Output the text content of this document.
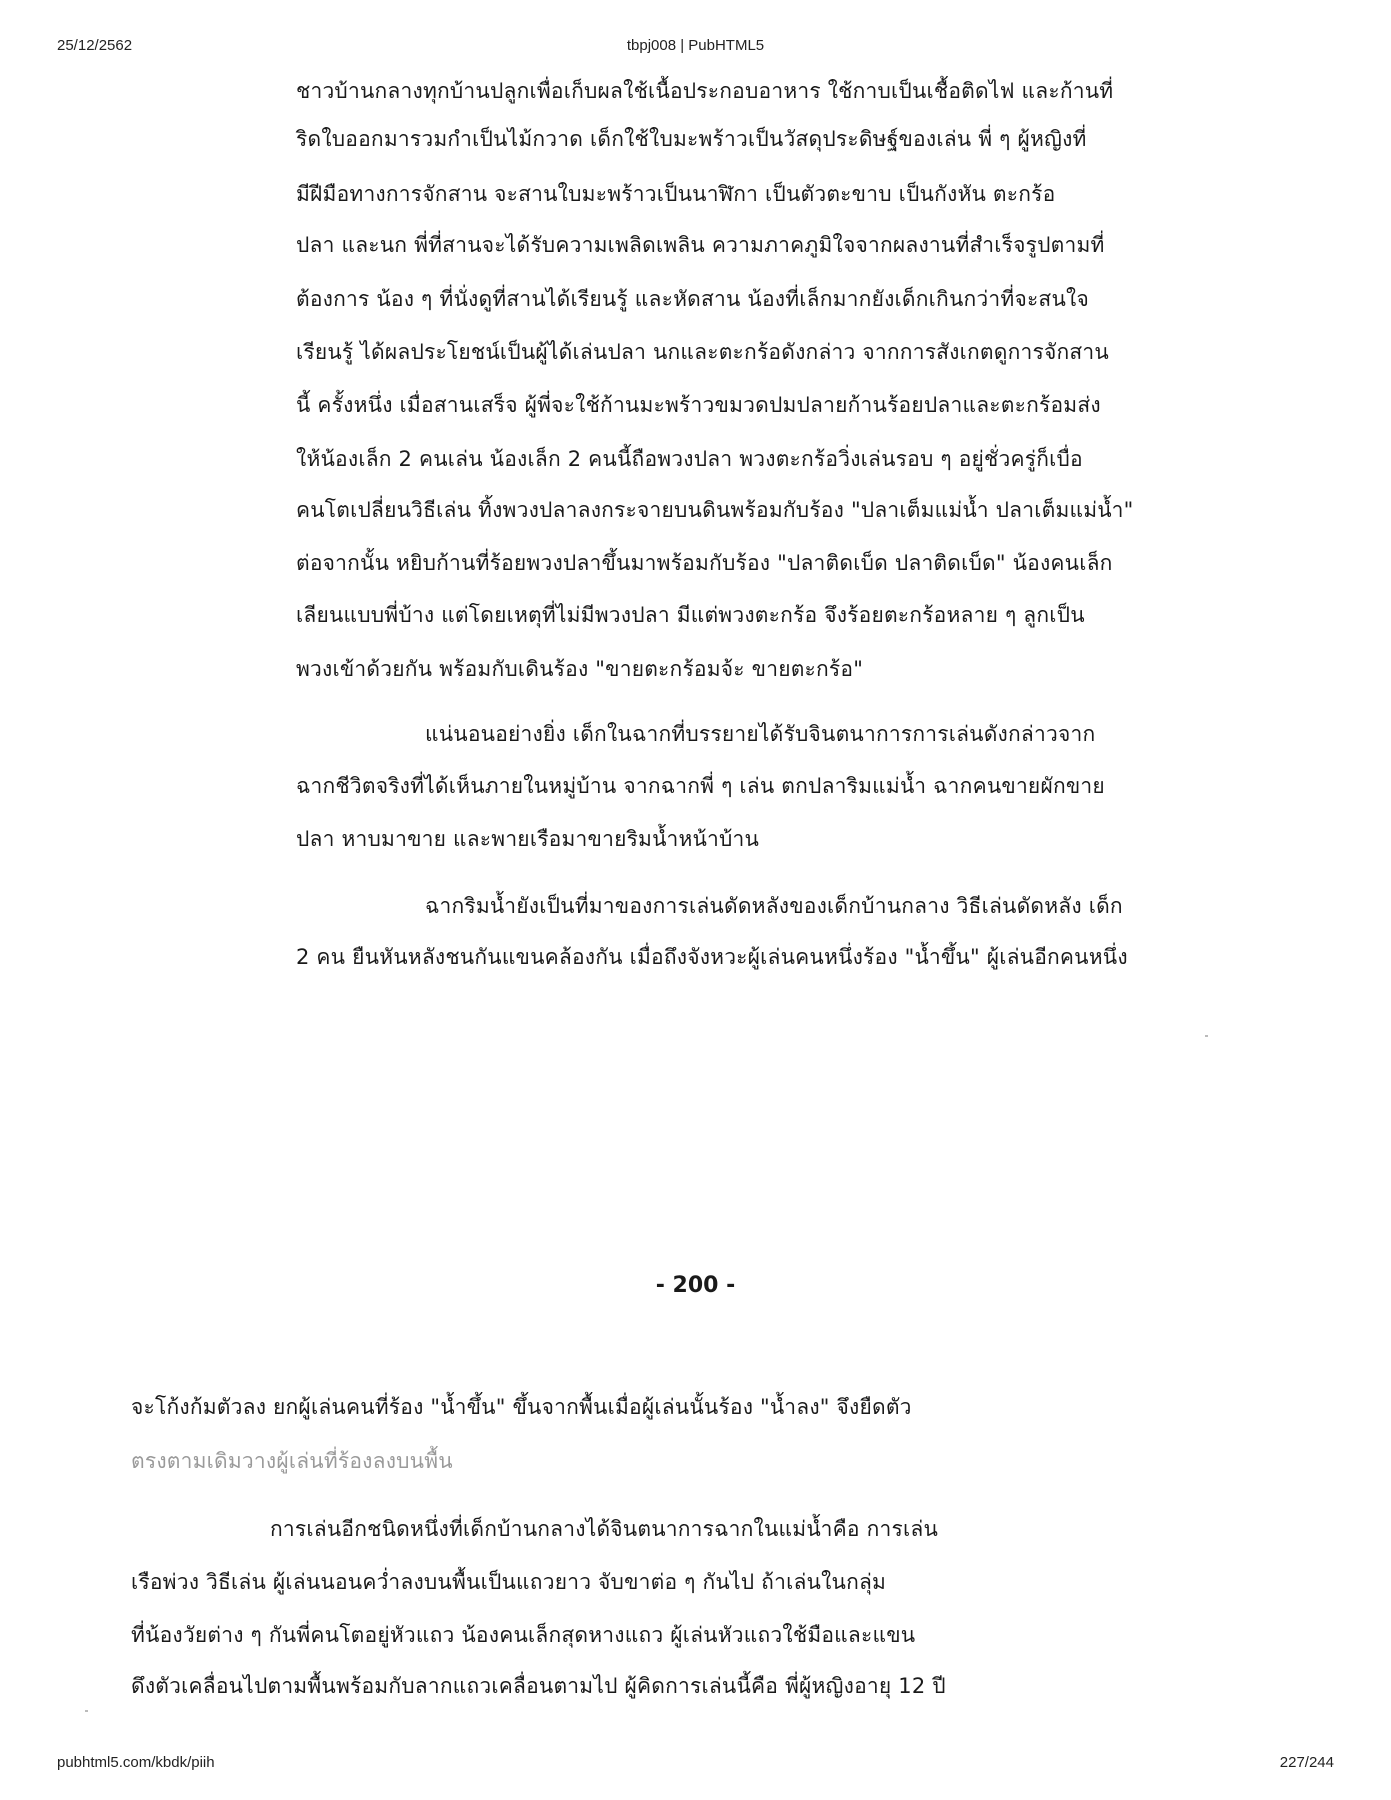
25/12/2562	tbpj008 | PubHTML5
ชาวบ้านกลางทุกบ้านปลูกเพื่อเก็บผลใช้เนื้อประกอบอาหาร ใช้กาบเป็นเชื้อติดไฟ และก้านที่
ริดใบออกมารวมกำเป็นไม้กวาด เด็กใช้ใบมะพร้าวเป็นวัสดุประดิษฐ์ของเล่น พี่ ๆ ผู้หญิงที่
มีฝีมือทางการจักสาน จะสานใบมะพร้าวเป็นนาฬิกา เป็นตัวตะขาบ เป็นกังหัน ตะกร้อ
ปลา และนก พี่ที่สานจะได้รับความเพลิดเพลิน ความภาคภูมิใจจากผลงานที่สำเร็จรูปตามที่
ต้องการ น้อง ๆ ที่นั่งดูที่สานได้เรียนรู้ และหัดสาน น้องที่เล็กมากยังเด็กเกินกว่าที่จะสนใจ
เรียนรู้ ได้ผลประโยชน์เป็นผู้ได้เล่นปลา นกและตะกร้อดังกล่าว จากการสังเกตดูการจักสาน
นี้ ครั้งหนึ่ง เมื่อสานเสร็จ ผู้พี่จะใช้ก้านมะพร้าวขมวดปมปลายก้านร้อยปลาและตะกร้อมส่ง
ให้น้องเล็ก 2 คนเล่น น้องเล็ก 2 คนนี้ถือพวงปลา พวงตะกร้อวิ่งเล่นรอบ ๆ อยู่ชั่วครู่ก็เบื่อ
คนโตเปลี่ยนวิธีเล่น ทิ้งพวงปลาลงกระจายบนดินพร้อมกับร้อง "ปลาเต็มแม่น้ำ ปลาเต็มแม่น้ำ"
ต่อจากนั้น หยิบก้านที่ร้อยพวงปลาขึ้นมาพร้อมกับร้อง "ปลาติดเบ็ด ปลาติดเบ็ด" น้องคนเล็ก
เลียนแบบพี่บ้าง แต่โดยเหตุที่ไม่มีพวงปลา มีแต่พวงตะกร้อ จึงร้อยตะกร้อหลาย ๆ ลูกเป็น
พวงเข้าด้วยกัน พร้อมกับเดินร้อง "ขายตะกร้อมจ้ะ ขายตะกร้อ"
แน่นอนอย่างยิ่ง เด็กในฉากที่บรรยายได้รับจินตนาการการเล่นดังกล่าวจาก
ฉากชีวิตจริงที่ได้เห็นภายในหมู่บ้าน จากฉากพี่ ๆ เล่น ตกปลาริมแม่น้ำ ฉากคนขายผักขาย
ปลา หาบมาขาย และพายเรือมาขายริมน้ำหน้าบ้าน
ฉากริมน้ำยังเป็นที่มาของการเล่นดัดหลังของเด็กบ้านกลาง วิธีเล่นดัดหลัง เด็ก
2 คน ยืนหันหลังชนกันแขนคล้องกัน เมื่อถึงจังหวะผู้เล่นคนหนึ่งร้อง "น้ำขึ้น" ผู้เล่นอีกคนหนึ่ง
- 200 -
จะโก้งก้มตัวลง ยกผู้เล่นคนที่ร้อง "น้ำขึ้น" ขึ้นจากพื้นเมื่อผู้เล่นนั้นร้อง "น้ำลง" จึงยืดตัว
ตรงตามเดิมวางผู้เล่นที่ร้องลงบนพื้น
การเล่นอีกชนิดหนึ่งที่เด็กบ้านกลางได้จินตนาการฉากในแม่น้ำคือ การเล่น
เรือพ่วง วิธีเล่น ผู้เล่นนอนคว่ำลงบนพื้นเป็นแถวยาว จับขาต่อ ๆ กันไป ถ้าเล่นในกลุ่ม
ที่น้องวัยต่าง ๆ กันพี่คนโตอยู่หัวแถว น้องคนเล็กสุดหางแถว ผู้เล่นหัวแถวใช้มือและแขน
ดึงตัวเคลื่อนไปตามพื้นพร้อมกับลากแถวเคลื่อนตามไป ผู้คิดการเล่นนี้คือ พี่ผู้หญิงอายุ 12 ปี
pubhtml5.com/kbdk/piih	227/244
